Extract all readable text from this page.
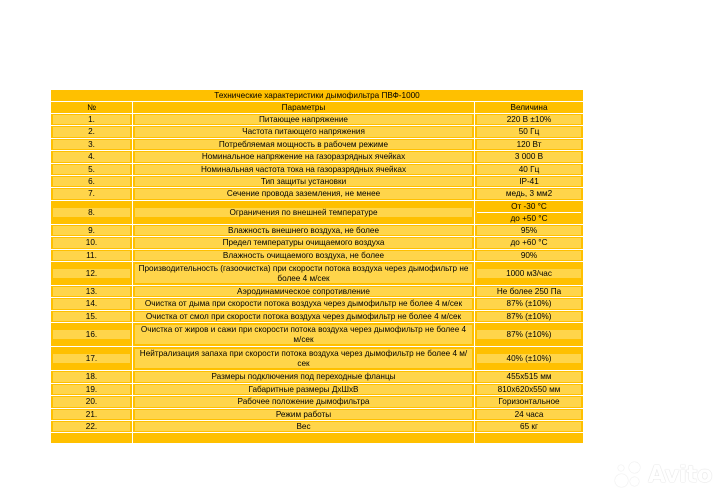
Технические характеристики дымофильтра ПВФ-1000		
№	Параметры	Величина

1.	Питающее напряжение	220 В ±10%

2.	Частота питающего напряжения	50 Гц

3.	Потребляемая мощность в рабочем режиме	120 Вт

4.	Номинальное напряжение на газоразрядных ячейках	3 000 В

5.	Номинальная частота тока на газоразрядных ячейках	40 Гц

6.	Тип защиты установки	IP-41

7.	Сечение провода заземления, не менее	медь, 3 мм2

8.	Ограничения по внешней температуре	От -30 °С
до +50 °С

9.	Влажность внешнего воздуха, не более	95%

10.	Предел температуры очищаемого воздуха	до +60 °С

11.	Влажность очищаемого воздуха, не более	90%

12.	Производительность (газоочистка) при скорости потока воздуха через дымофильтр не более 4 м/сек	1000 м3/час

13.	Аэродинамическое сопротивление	Не более 250 Па

14.	Очистка от дыма при скорости потока воздуха через дымофильтр не более 4 м/сек	87% (±10%)

15.	Очистка от смол при скорости потока воздуха через дымофильтр не более 4 м/сек	87% (±10%)

16.	Очистка от жиров и сажи при скорости потока воздуха через дымофильтр не более 4 м/сек	87% (±10%)

17.	Нейтрализация запаха при скорости потока воздуха через дымофильтр не более 4 м/сек	40% (±10%)

18.	Размеры подключения под переходные фланцы	455х515 мм

19.	Габаритные размеры ДхШхВ	810х620х550 мм

20.	Рабочее положение дымофильтра	Горизонтальное

21.	Режим работы	24 часа

22.	Вес	65 кг

Avito
